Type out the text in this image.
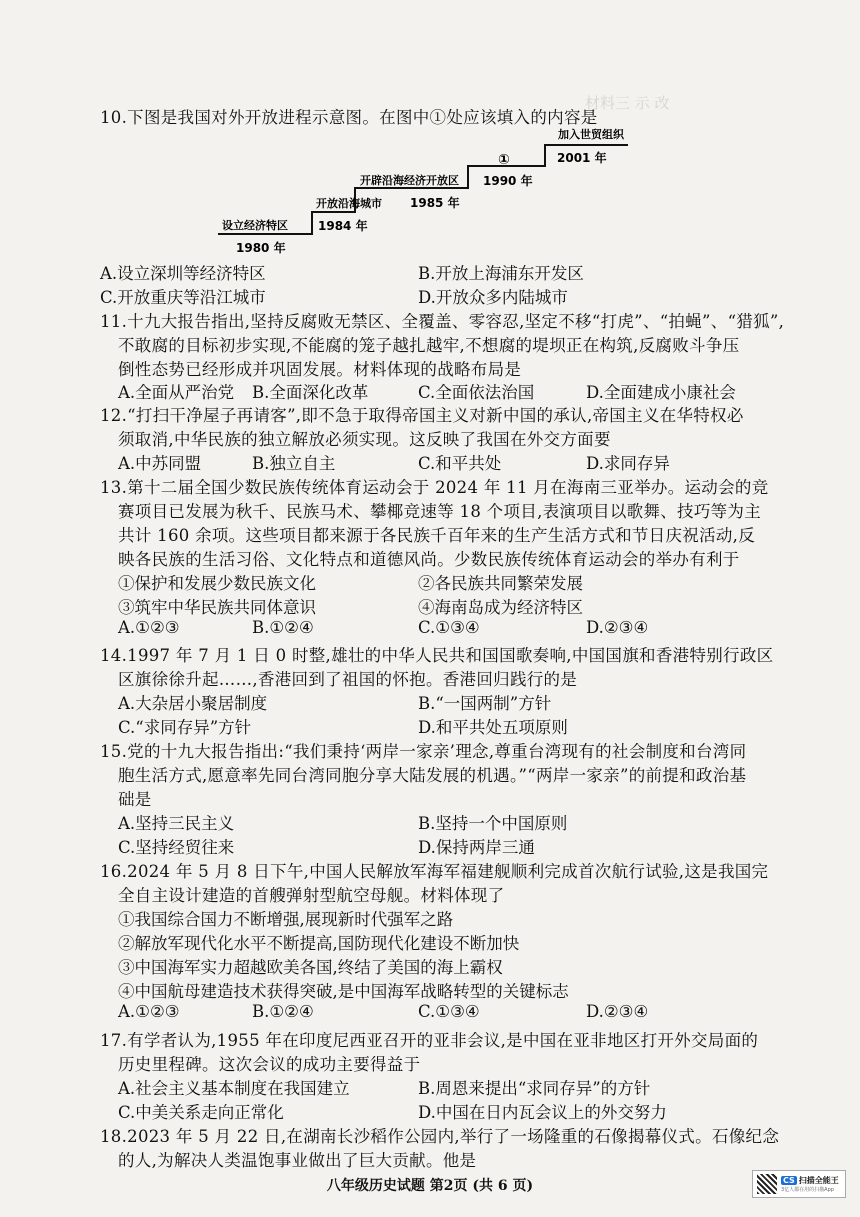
材料三 示 改
10.下图是我国对外开放进程示意图。在图中①处应该填入的内容是
设立经济特区
开放沿海城市
开辟沿海经济开放区
①
加入世贸组织
1980 年
1984 年
1985 年
1990 年
2001 年
A.设立深圳等经济特区	B.开放上海浦东开发区
C.开放重庆等沿江城市	D.开放众多内陆城市
11.十九大报告指出,坚持反腐败无禁区、全覆盖、零容忍,坚定不移“打虎”、“拍蝇”、“猎狐”,
不敢腐的目标初步实现,不能腐的笼子越扎越牢,不想腐的堤坝正在构筑,反腐败斗争压
倒性态势已经形成并巩固发展。材料体现的战略布局是
A.全面从严治党 B.全面深化改革	C.全面依法治国	D.全面建成小康社会
12.“打扫干净屋子再请客”,即不急于取得帝国主义对新中国的承认,帝国主义在华特权必
须取消,中华民族的独立解放必须实现。这反映了我国在外交方面要
A.中苏同盟	B.独立自主	C.和平共处	D.求同存异
13.第十二届全国少数民族传统体育运动会于 2024 年 11 月在海南三亚举办。运动会的竞
赛项目已发展为秋千、民族马术、攀椰竞速等 18 个项目,表演项目以歌舞、技巧等为主
共计 160 余项。这些项目都来源于各民族千百年来的生产生活方式和节日庆祝活动,反
映各民族的生活习俗、文化特点和道德风尚。少数民族传统体育运动会的举办有利于
①保护和发展少数民族文化	②各民族共同繁荣发展
③筑牢中华民族共同体意识	④海南岛成为经济特区
A.①②③	B.①②④	C.①③④	D.②③④
14.1997 年 7 月 1 日 0 时整,雄壮的中华人民共和国国歌奏响,中国国旗和香港特别行政区
区旗徐徐升起……,香港回到了祖国的怀抱。香港回归践行的是
A.大杂居小聚居制度	B.“一国两制”方针
C.“求同存异”方针	D.和平共处五项原则
15.党的十九大报告指出:“我们秉持‘两岸一家亲’理念,尊重台湾现有的社会制度和台湾同
胞生活方式,愿意率先同台湾同胞分享大陆发展的机遇。”“两岸一家亲”的前提和政治基
础是
A.坚持三民主义	B.坚持一个中国原则
C.坚持经贸往来	D.保持两岸三通
16.2024 年 5 月 8 日下午,中国人民解放军海军福建舰顺利完成首次航行试验,这是我国完
全自主设计建造的首艘弹射型航空母舰。材料体现了
①我国综合国力不断增强,展现新时代强军之路
②解放军现代化水平不断提高,国防现代化建设不断加快
③中国海军实力超越欧美各国,终结了美国的海上霸权
④中国航母建造技术获得突破,是中国海军战略转型的关键标志
A.①②③	B.①②④	C.①③④	D.②③④
17.有学者认为,1955 年在印度尼西亚召开的亚非会议,是中国在亚非地区打开外交局面的
历史里程碑。这次会议的成功主要得益于
A.社会主义基本制度在我国建立	B.周恩来提出“求同存异”的方针
C.中美关系走向正常化	D.中国在日内瓦会议上的外交努力
18.2023 年 5 月 22 日,在湖南长沙稻作公园内,举行了一场隆重的石像揭幕仪式。石像纪念
的人,为解决人类温饱事业做出了巨大贡献。他是
八年级历史试题 第2页 (共 6 页)	CS 扫描全能王
3亿人都在用的扫描App
